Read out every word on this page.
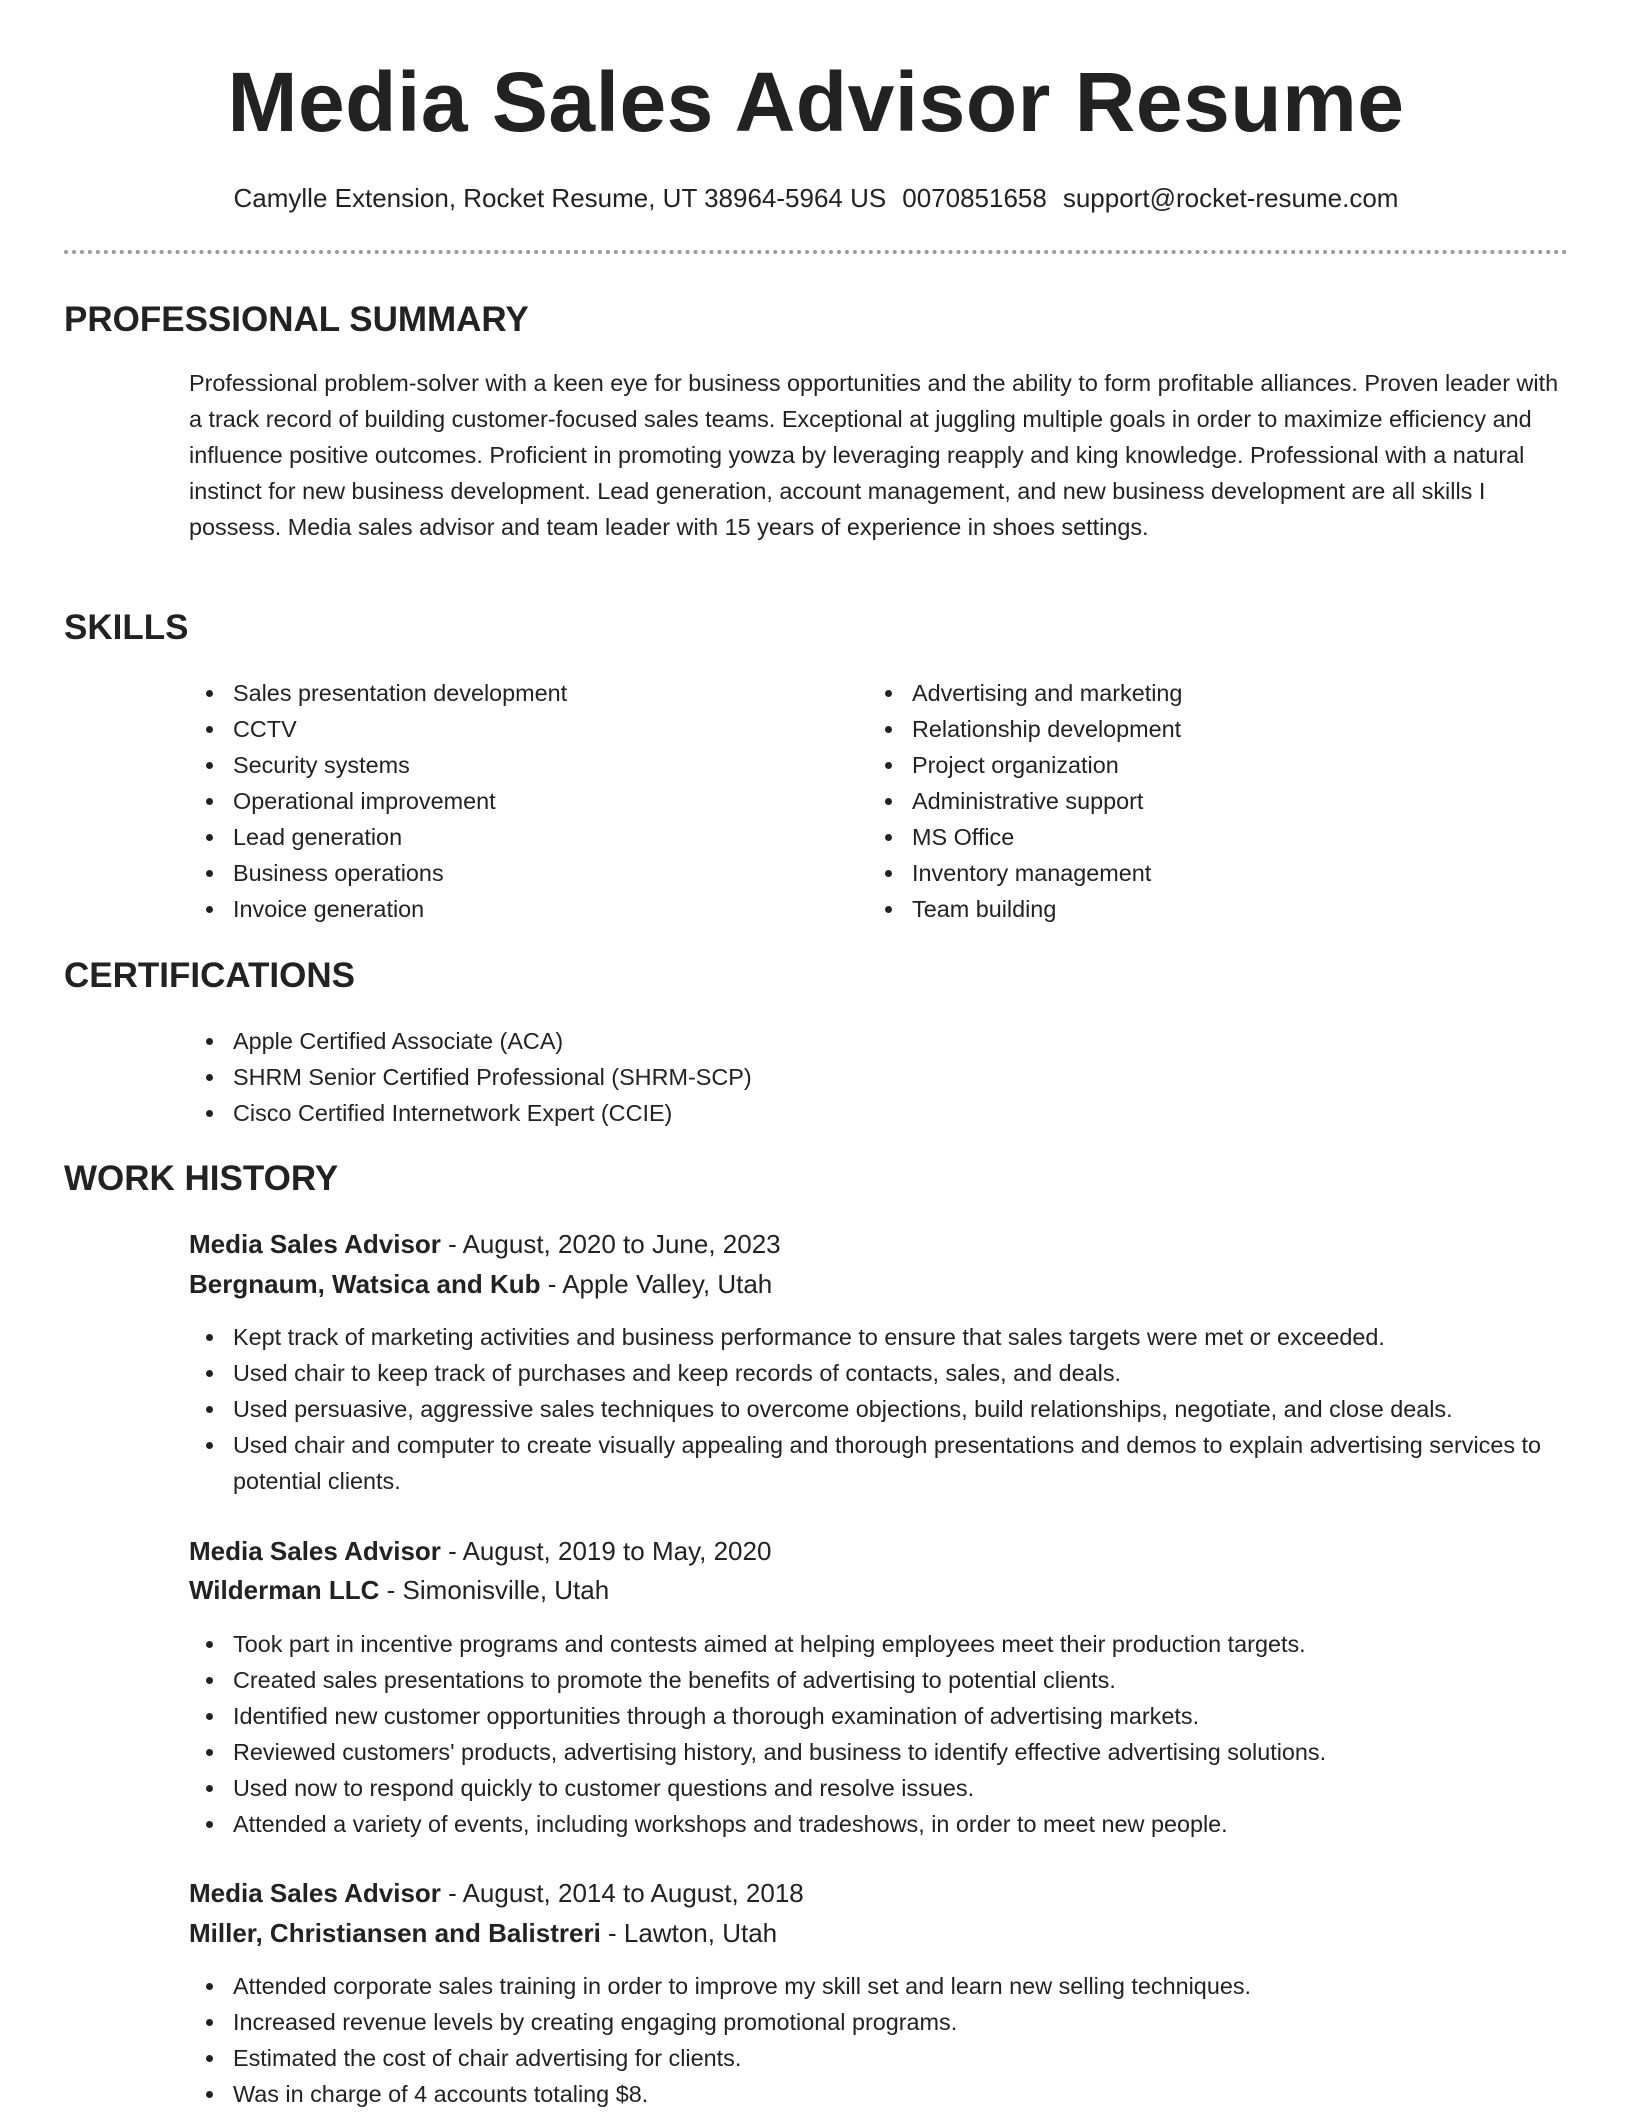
Media Sales Advisor Resume
Camylle Extension, Rocket Resume, UT 38964-5964 US 0070851658 support@rocket-resume.com
PROFESSIONAL SUMMARY

Professional problem-solver with a keen eye for business opportunities and the ability to form profitable alliances. Proven leader with a track record of building customer-focused sales teams. Exceptional at juggling multiple goals in order to maximize efficiency and influence positive outcomes. Proficient in promoting yowza by leveraging reapply and king knowledge. Professional with a natural instinct for new business development. Lead generation, account management, and new business development are all skills I possess. Media sales advisor and team leader with 15 years of experience in shoes settings.

SKILLS
Sales presentation development
CCTV
Security systems
Operational improvement
Lead generation
Business operations
Invoice generation
Advertising and marketing
Relationship development
Project organization
Administrative support
MS Office
Inventory management
Team building
CERTIFICATIONS
Apple Certified Associate (ACA)
SHRM Senior Certified Professional (SHRM-SCP)
Cisco Certified Internetwork Expert (CCIE)
WORK HISTORY
Media Sales Advisor - August, 2020 to June, 2023
Bergnaum, Watsica and Kub - Apple Valley, Utah
Kept track of marketing activities and business performance to ensure that sales targets were met or exceeded.
Used chair to keep track of purchases and keep records of contacts, sales, and deals.
Used persuasive, aggressive sales techniques to overcome objections, build relationships, negotiate, and close deals.
Used chair and computer to create visually appealing and thorough presentations and demos to explain advertising services to potential clients.
Media Sales Advisor - August, 2019 to May, 2020
Wilderman LLC - Simonisville, Utah
Took part in incentive programs and contests aimed at helping employees meet their production targets.
Created sales presentations to promote the benefits of advertising to potential clients.
Identified new customer opportunities through a thorough examination of advertising markets.
Reviewed customers' products, advertising history, and business to identify effective advertising solutions.
Used now to respond quickly to customer questions and resolve issues.
Attended a variety of events, including workshops and tradeshows, in order to meet new people.
Media Sales Advisor - August, 2014 to August, 2018
Miller, Christiansen and Balistreri - Lawton, Utah
Attended corporate sales training in order to improve my skill set and learn new selling techniques.
Increased revenue levels by creating engaging promotional programs.
Estimated the cost of chair advertising for clients.
Was in charge of 4 accounts totaling $8.
